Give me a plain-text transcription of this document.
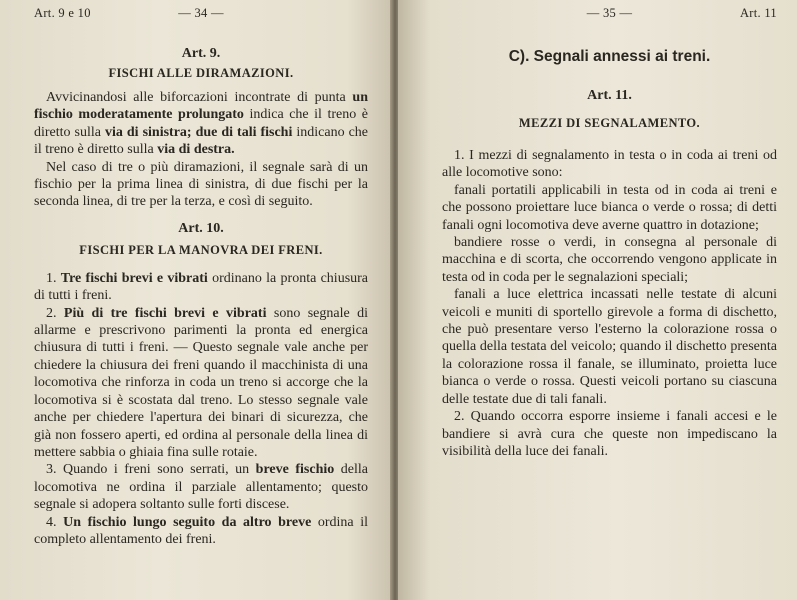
Art. 9 e 10	— 34 —
Art. 9.
FISCHI ALLE DIRAMAZIONI.

Avvicinandosi alle biforcazioni incontrate di punta un fischio moderatamente prolungato indica che il treno è diretto sulla via di sinistra; due di tali fischi indicano che il treno è diretto sulla via di destra.

Nel caso di tre o più diramazioni, il segnale sarà di un fischio per la prima linea di sinistra, di due fischi per la seconda linea, di tre per la terza, e così di seguito.

Art. 10.
FISCHI PER LA MANOVRA DEI FRENI.

1. Tre fischi brevi e vibrati ordinano la pronta chiusura di tutti i freni.

2. Più di tre fischi brevi e vibrati sono segnale di allarme e prescrivono parimenti la pronta ed energica chiusura di tutti i freni. — Questo segnale vale anche per chiedere la chiusura dei freni quando il macchinista di una locomotiva che rinforza in coda un treno si accorge che la locomotiva si è scostata dal treno. Lo stesso segnale vale anche per chiedere l'apertura dei binari di sicurezza, che già non fossero aperti, ed ordina al personale della linea di mettere sabbia o ghiaia fina sulle rotaie.

3. Quando i freni sono serrati, un breve fischio della locomotiva ne ordina il parziale allentamento; questo segnale si adopera soltanto sulle forti discese.

4. Un fischio lungo seguito da altro breve ordina il completo allentamento dei freni.

— 35 —	Art. 11
C). Segnali annessi ai treni.
Art. 11.
MEZZI DI SEGNALAMENTO.

1. I mezzi di segnalamento in testa o in coda ai treni od alle locomotive sono:

fanali portatili applicabili in testa od in coda ai treni e che possono proiettare luce bianca o verde o rossa; di detti fanali ogni locomotiva deve averne quattro in dotazione;

bandiere rosse o verdi, in consegna al personale di macchina e di scorta, che occorrendo vengono applicate in testa od in coda per le segnalazioni speciali;

fanali a luce elettrica incassati nelle testate di alcuni veicoli e muniti di sportello girevole a forma di dischetto, che può presentare verso l'esterno la colorazione rossa o quella della testata del veicolo; quando il dischetto presenta la colorazione rossa il fanale, se illuminato, proietta luce bianca o verde o rossa. Questi veicoli portano su ciascuna delle testate due di tali fanali.

2. Quando occorra esporre insieme i fanali accesi e le bandiere si avrà cura che queste non impediscano la visibilità della luce dei fanali.
